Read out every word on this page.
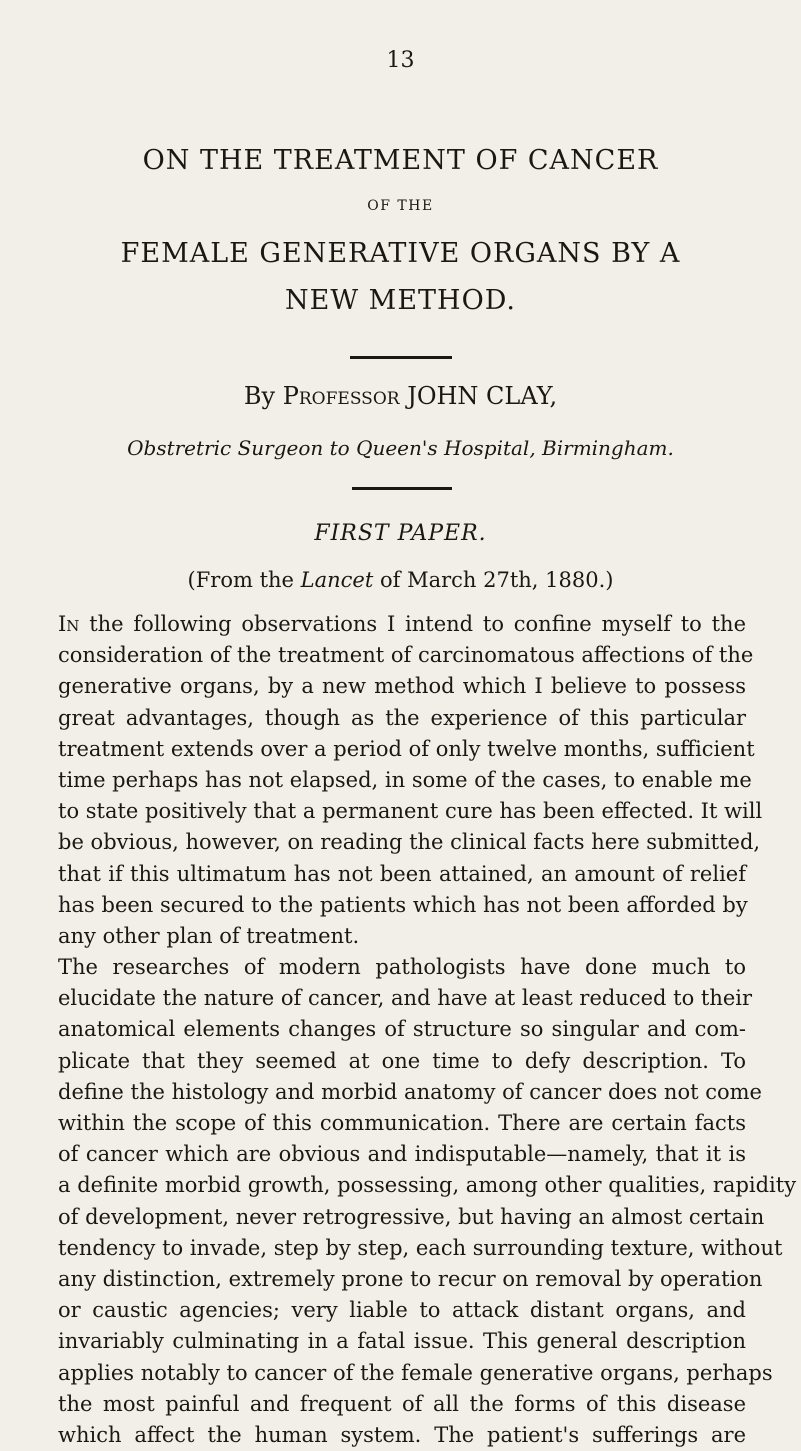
13
ON THE TREATMENT OF CANCER
OF THE
FEMALE GENERATIVE ORGANS BY A
NEW METHOD.
By Professor JOHN CLAY,
Obstretric Surgeon to Queen's Hospital, Birmingham.
FIRST PAPER.
(From the Lancet of March 27th, 1880.)
In the following observations I intend to confine myself to the
consideration of the treatment of carcinomatous affections of the
generative organs, by a new method which I believe to possess
great advantages, though as the experience of this particular
treatment extends over a period of only twelve months, sufficient
time perhaps has not elapsed, in some of the cases, to enable me
to state positively that a permanent cure has been effected. It will
be obvious, however, on reading the clinical facts here submitted,
that if this ultimatum has not been attained, an amount of relief
has been secured to the patients which has not been afforded by
any other plan of treatment.
The researches of modern pathologists have done much to
elucidate the nature of cancer, and have at least reduced to their
anatomical elements changes of structure so singular and com-
plicate that they seemed at one time to defy description. To
define the histology and morbid anatomy of cancer does not come
within the scope of this communication. There are certain facts
of cancer which are obvious and indisputable—namely, that it is
a definite morbid growth, possessing, among other qualities, rapidity
of development, never retrogressive, but having an almost certain
tendency to invade, step by step, each surrounding texture, without
any distinction, extremely prone to recur on removal by operation
or caustic agencies; very liable to attack distant organs, and
invariably culminating in a fatal issue. This general description
applies notably to cancer of the female generative organs, perhaps
the most painful and frequent of all the forms of this disease
which affect the human system. The patient's sufferings are
